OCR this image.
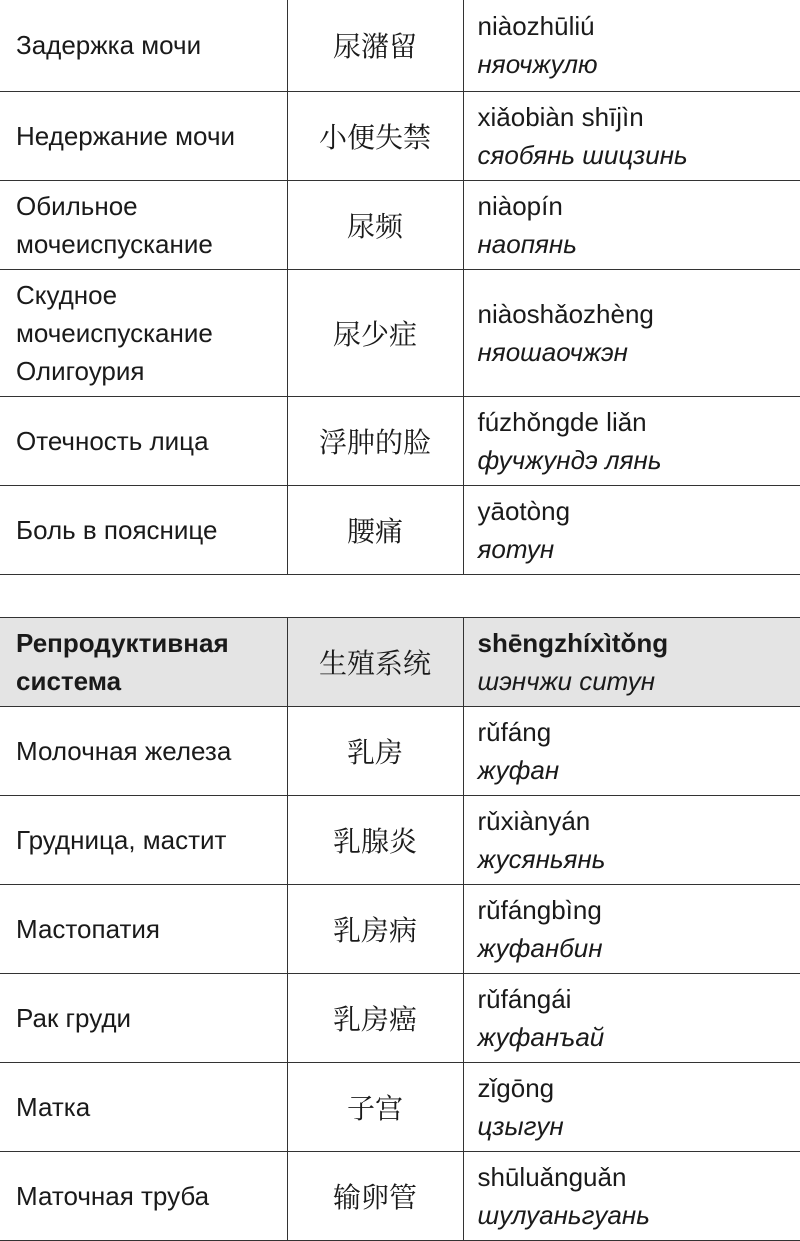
Задержка мочи	尿潴留	niàozhūliú
няочжулю

Недержание мочи	小便失禁	xiǎobiàn shījìn
сяобянь шицзинь

Обильное мочеиспускание	尿频	niàopín
наопянь

Скудное мочеиспускание Олигоурия	尿少症	niàoshǎozhèng
няошаочжэн

Отечность лица	浮肿的脸	fúzhǒngde liǎn
фучжундэ лянь

Боль в пояснице	腰痛	yāotòng
яотун
Репродуктивная система	生殖系统	shēngzhíxìtǒng
шэнчжи ситун

Молочная железа	乳房	rǔfáng
жуфан

Грудница, мастит	乳腺炎	rǔxiànyán
жусяньянь

Мастопатия	乳房病	rǔfángbìng
жуфанбин

Рак груди	乳房癌	rǔfángái
жуфанъай

Матка	子宫	zǐgōng
цзыгун

Маточная труба	输卵管	shūluǎnguǎn
шулуаньгуань
